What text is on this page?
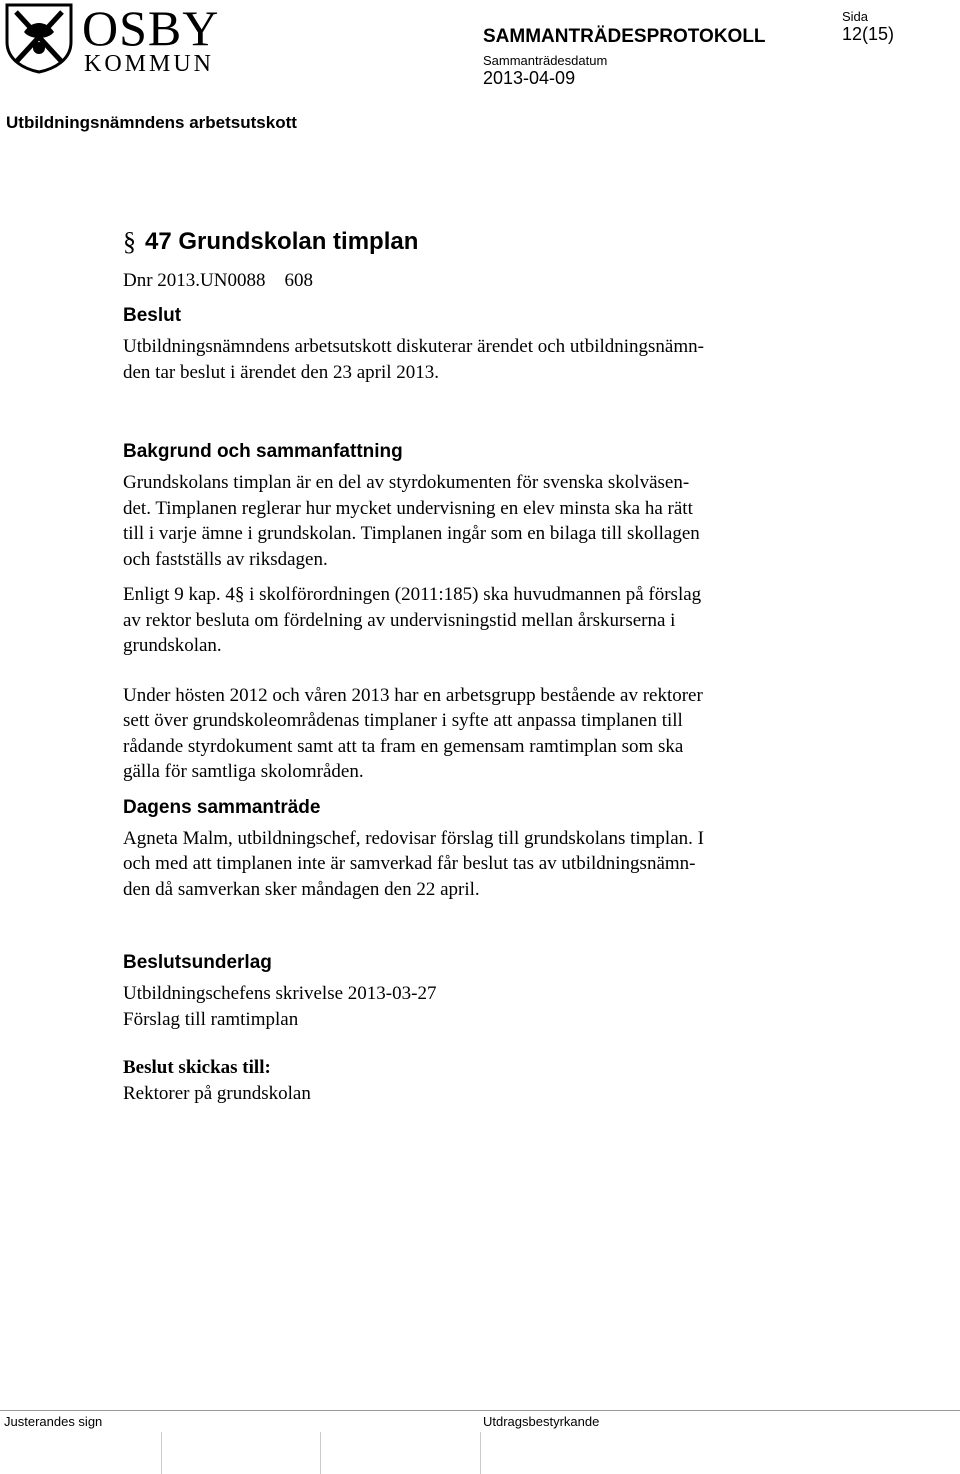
OSBY
KOMMUN
SAMMANTRÄDESPROTOKOLL
Sammanträdesdatum
2013-04-09
Sida
12(15)
Utbildningsnämndens arbetsutskott
§ 47 Grundskolan timplan

Dnr 2013.UN0088    608

Beslut

Utbildningsnämndens arbetsutskott diskuterar ärendet och utbildningsnämn-

den tar beslut i ärendet den 23 april 2013.

Bakgrund och sammanfattning

Grundskolans timplan är en del av styrdokumenten för svenska skolväsen-

det. Timplanen reglerar hur mycket undervisning en elev minsta ska ha rätt

till i varje ämne i grundskolan. Timplanen ingår som en bilaga till skollagen

och fastställs av riksdagen.

Enligt 9 kap. 4§ i skolförordningen (2011:185) ska huvudmannen på förslag

av rektor besluta om fördelning av undervisningstid mellan årskurserna i

grundskolan.

Under hösten 2012 och våren 2013 har en arbetsgrupp bestående av rektorer

sett över grundskoleområdenas timplaner i syfte att anpassa timplanen till

rådande styrdokument samt att ta fram en gemensam ramtimplan som ska

gälla för samtliga skolområden.

Dagens sammanträde

Agneta Malm, utbildningschef, redovisar förslag till grundskolans timplan. I

och med att timplanen inte är samverkad får beslut tas av utbildningsnämn-

den då samverkan sker måndagen den 22 april.

Beslutsunderlag

Utbildningschefens skrivelse 2013-03-27

Förslag till ramtimplan

Beslut skickas till:

Rektorer på grundskolan

Justerandes sign	Utdragsbestyrkande
